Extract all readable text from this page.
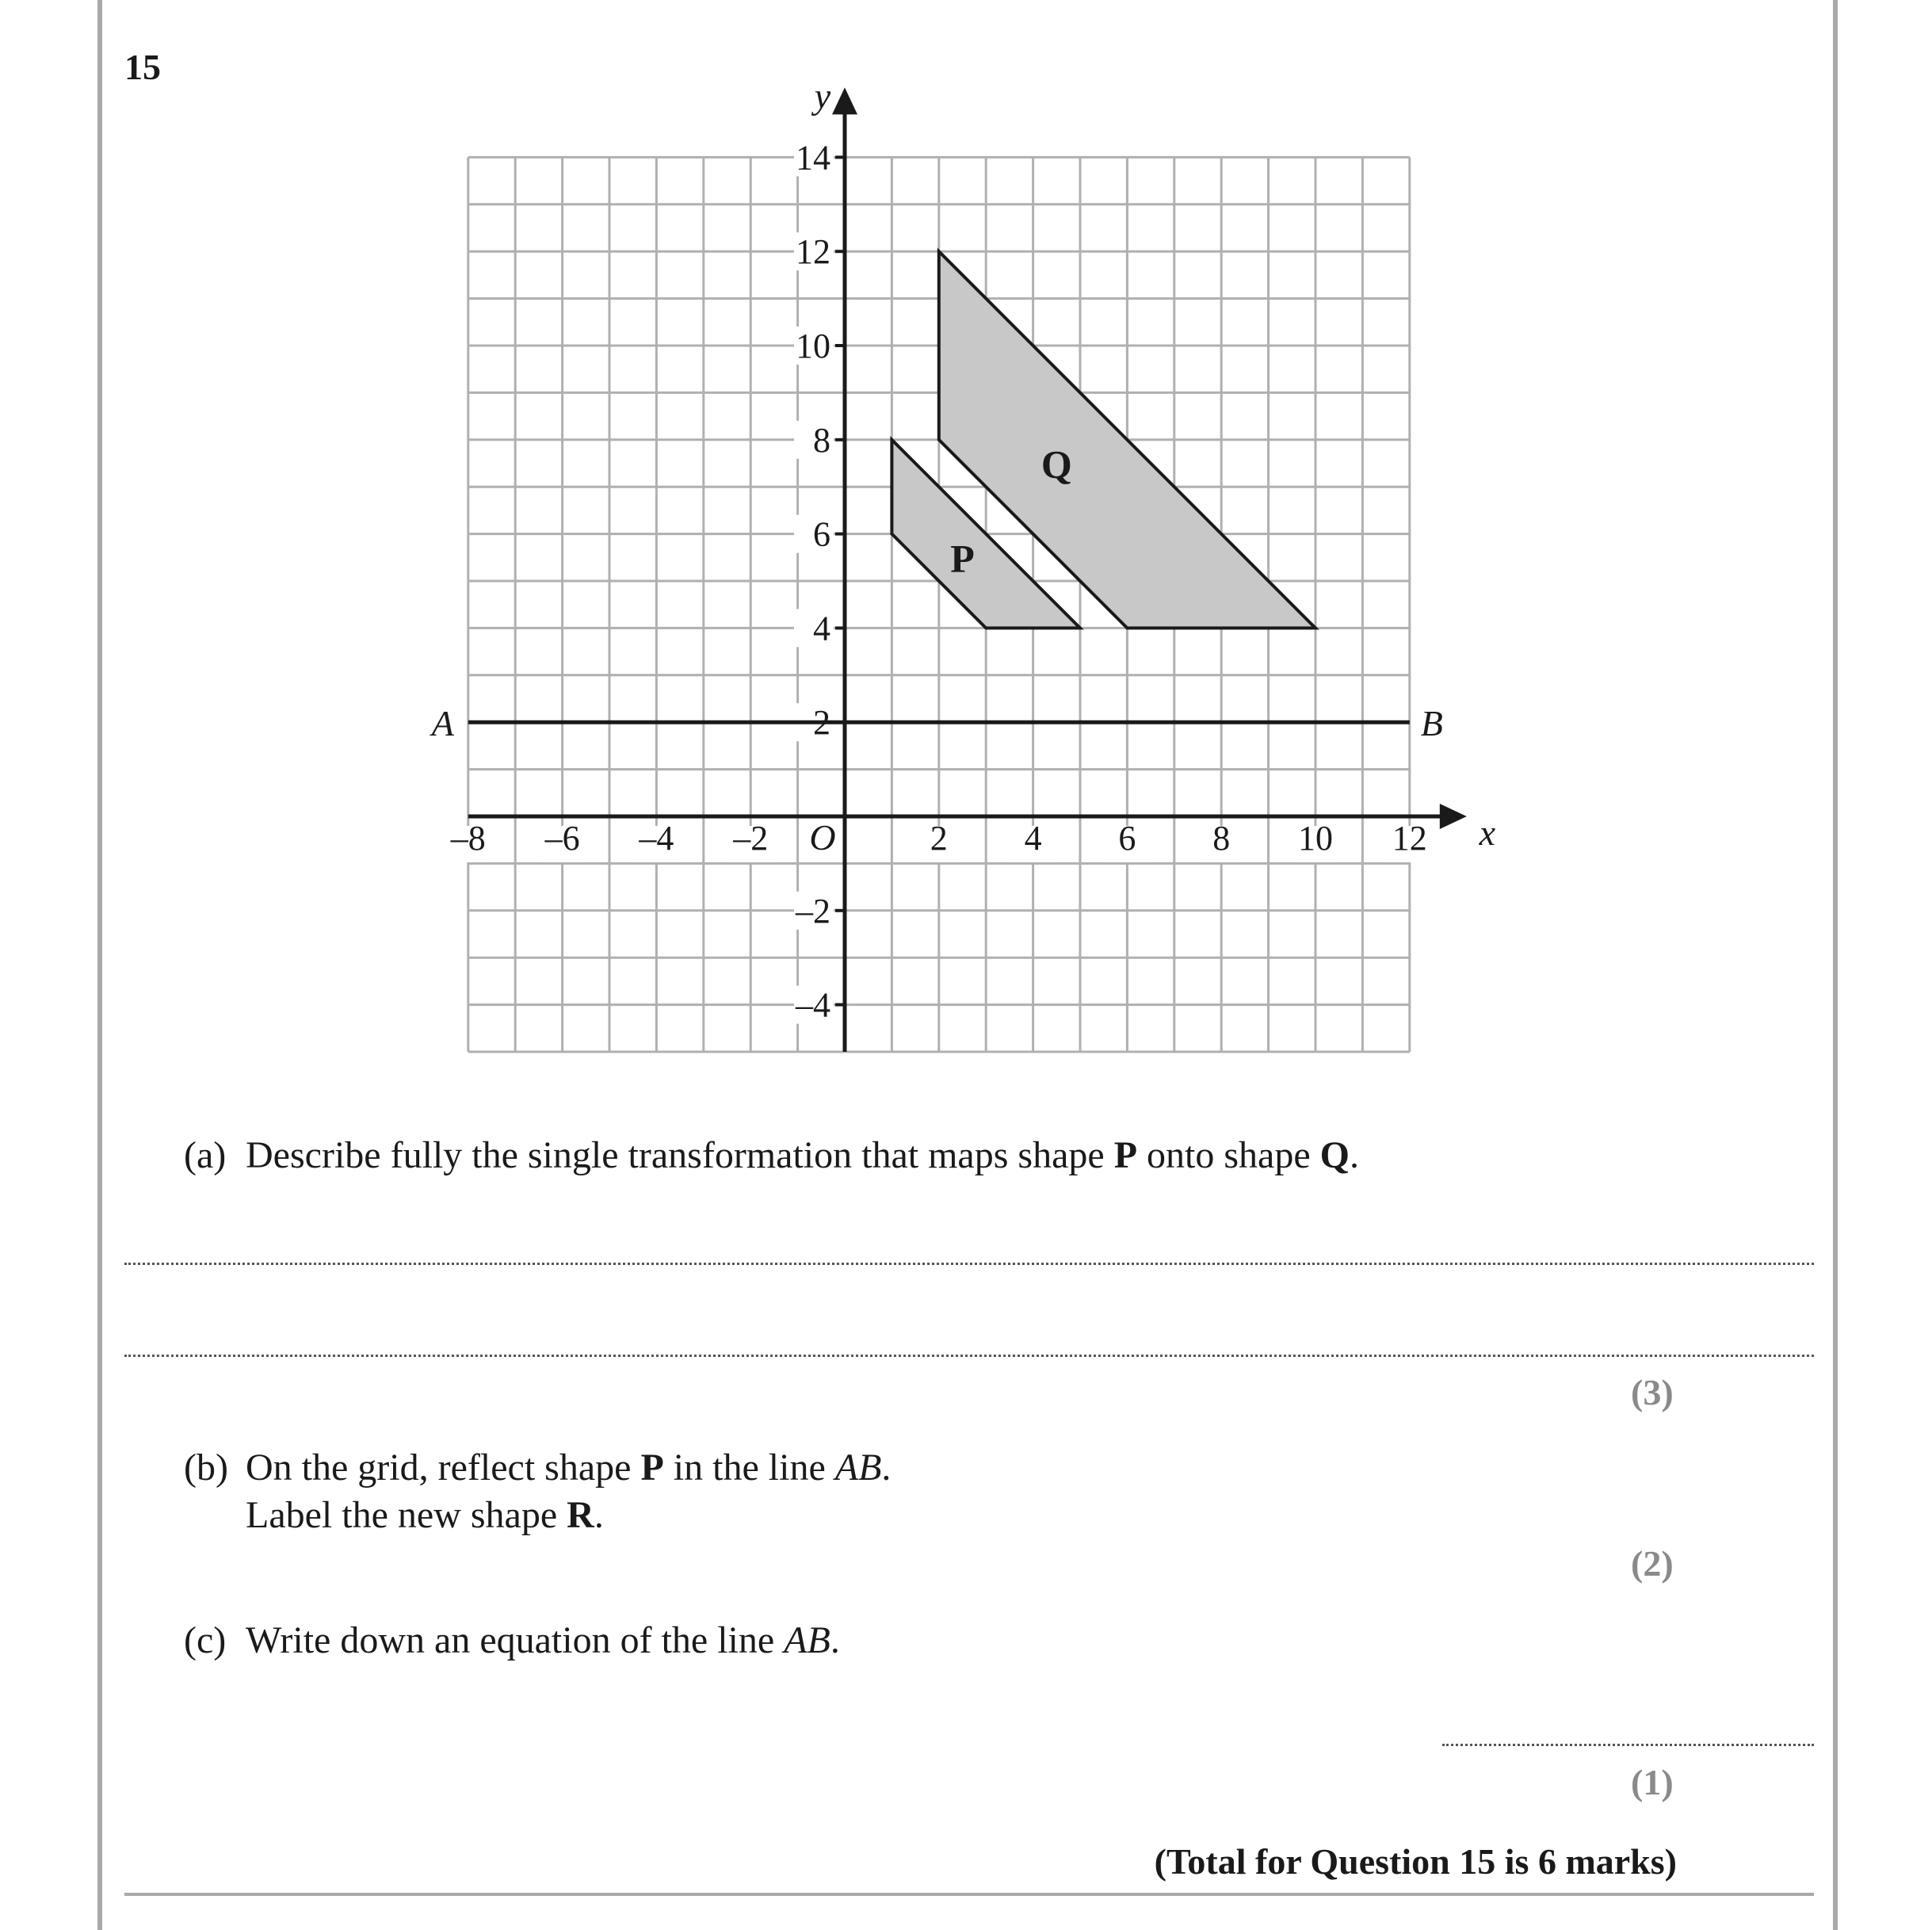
15
P
Q
A	B
x
y
O
–8 –6 –4 –2	2 4 6 8 10 12
14
12
10
8
6
4
2
–2
–4
(a) Describe fully the single transformation that maps shape P onto shape Q.
(3)
(b) On the grid, reflect shape P in the line AB.
Label the new shape R.
(2)
(c) Write down an equation of the line AB.
(1)
(Total for Question 15 is 6 marks)
